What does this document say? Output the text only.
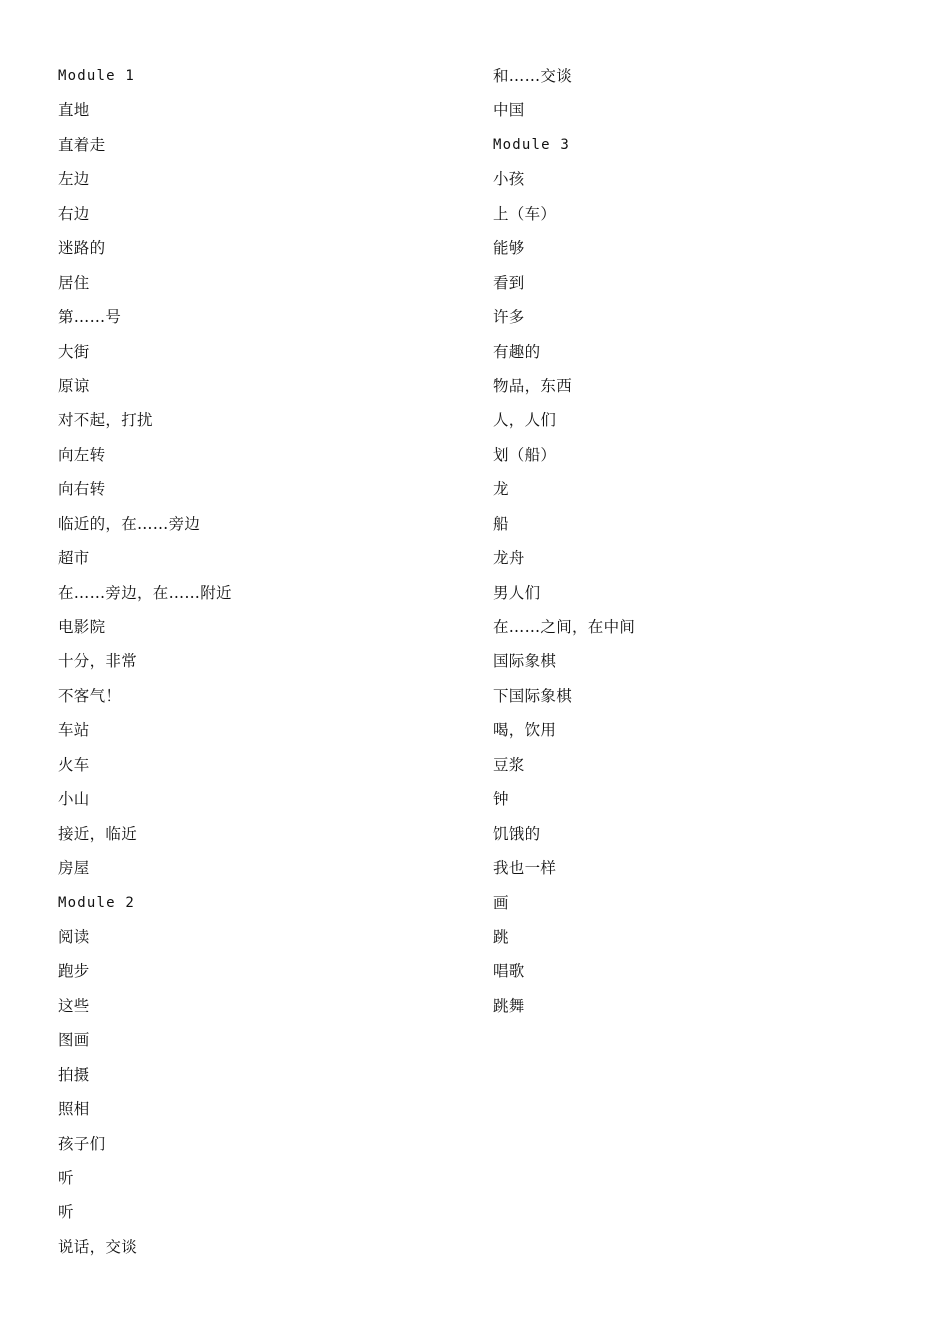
Module 1
直地
直着走
左边
右边
迷路的
居住
第……号
大街
原谅
对不起，打扰
向左转
向右转
临近的，在……旁边
超市
在……旁边，在……附近
电影院
十分，非常
不客气！
车站
火车
小山
接近，临近
房屋
Module 2
阅读
跑步
这些
图画
拍摄
照相
孩子们
听
听
说话，交谈
和……交谈
中国
Module 3
小孩
上（车）
能够
看到
许多
有趣的
物品，东西
人，人们
划（船）
龙
船
龙舟
男人们
在……之间，在中间
国际象棋
下国际象棋
喝，饮用
豆浆
钟
饥饿的
我也一样
画
跳
唱歌
跳舞
